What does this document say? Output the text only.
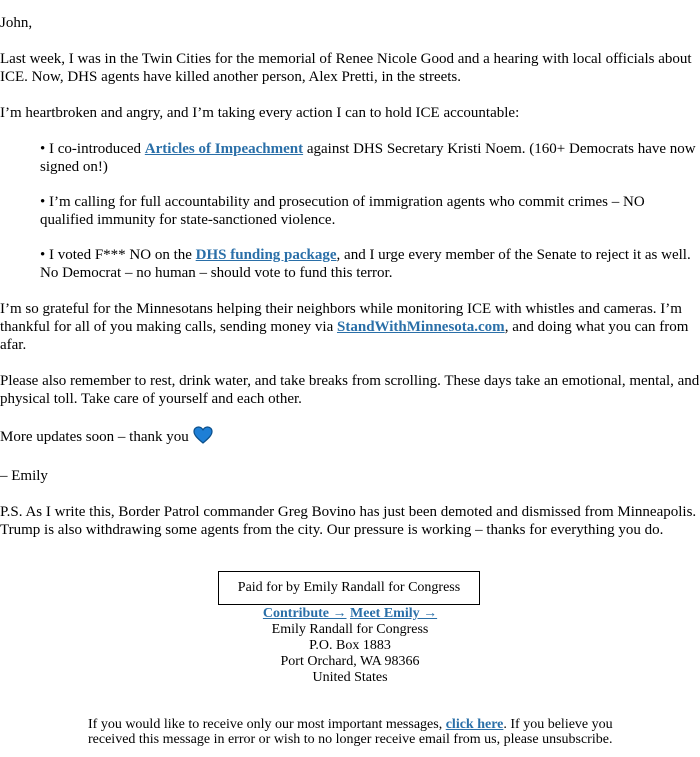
John,

Last week, I was in the Twin Cities for the memorial of Renee Nicole Good and a hearing with local officials about ICE. Now, DHS agents have killed another person, Alex Pretti, in the streets.

I’m heartbroken and angry, and I’m taking every action I can to hold ICE accountable:

• I co-introduced Articles of Impeachment against DHS Secretary Kristi Noem. (160+ Democrats have now signed on!)
• I’m calling for full accountability and prosecution of immigration agents who commit crimes – NO qualified immunity for state-sanctioned violence.
• I voted F*** NO on the DHS funding package, and I urge every member of the Senate to reject it as well. No Democrat – no human – should vote to fund this terror.

I’m so grateful for the Minnesotans helping their neighbors while monitoring ICE with whistles and cameras. I’m thankful for all of you making calls, sending money via StandWithMinnesota.com, and doing what you can from afar.

Please also remember to rest, drink water, and take breaks from scrolling. These days take an emotional, mental, and physical toll. Take care of yourself and each other.

More updates soon – thank you

– Emily

P.S. As I write this, Border Patrol commander Greg Bovino has just been demoted and dismissed from Minneapolis. Trump is also withdrawing some agents from the city. Our pressure is working – thanks for everything you do.

Paid for by Emily Randall for Congress
Contribute → Meet Emily →
Emily Randall for Congress
P.O. Box 1883
Port Orchard, WA 98366
United States
If you would like to receive only our most important messages, click here. If you believe you received this message in error or wish to no longer receive email from us, please unsubscribe.
